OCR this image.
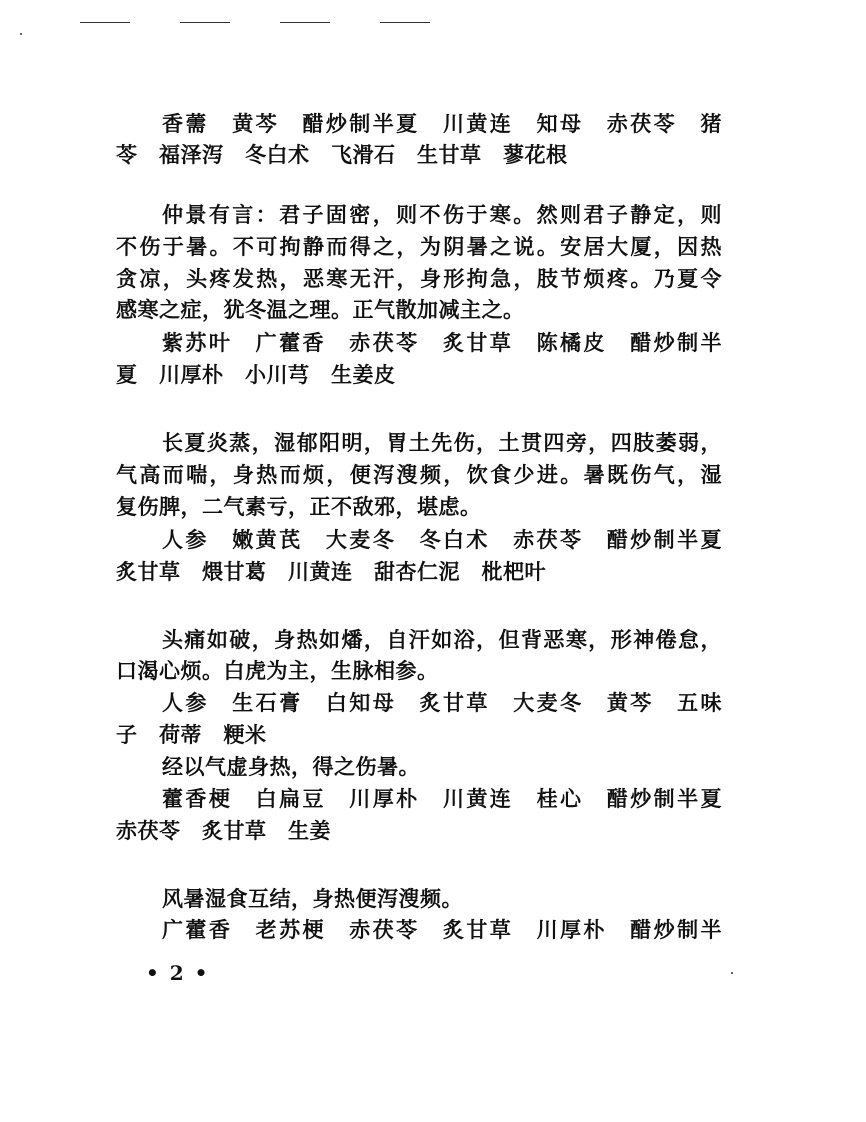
香薷　黄芩　醋炒制半夏　川黄连　知母　赤茯苓　猪
苓　福泽泻　冬白术　飞滑石　生甘草　蓼花根
仲景有言：君子固密，则不伤于寒。然则君子静定，则
不伤于暑。不可拘静而得之，为阴暑之说。安居大厦，因热
贪凉，头疼发热，恶寒无汗，身形拘急，肢节烦疼。乃夏令
感寒之症，犹冬温之理。正气散加减主之。
紫苏叶　广藿香　赤茯苓　炙甘草　陈橘皮　醋炒制半
夏　川厚朴　小川芎　生姜皮
长夏炎蒸，湿郁阳明，胃土先伤，土贯四旁，四肢萎弱，
气高而喘，身热而烦，便泻溲频，饮食少进。暑既伤气，湿
复伤脾，二气素亏，正不敌邪，堪虑。
人参　嫩黄芪　大麦冬　冬白术　赤茯苓　醋炒制半夏
炙甘草　煨甘葛　川黄连　甜杏仁泥　枇杷叶
头痛如破，身热如燔，自汗如浴，但背恶寒，形神倦怠，
口渴心烦。白虎为主，生脉相参。
人参　生石膏　白知母　炙甘草　大麦冬　黄芩　五味
子　荷蒂　粳米
经以气虚身热，得之伤暑。
藿香梗　白扁豆　川厚朴　川黄连　桂心　醋炒制半夏
赤茯苓　炙甘草　生姜
风暑湿食互结，身热便泻溲频。
广藿香　老苏梗　赤茯苓　炙甘草　川厚朴　醋炒制半
• 2 •
